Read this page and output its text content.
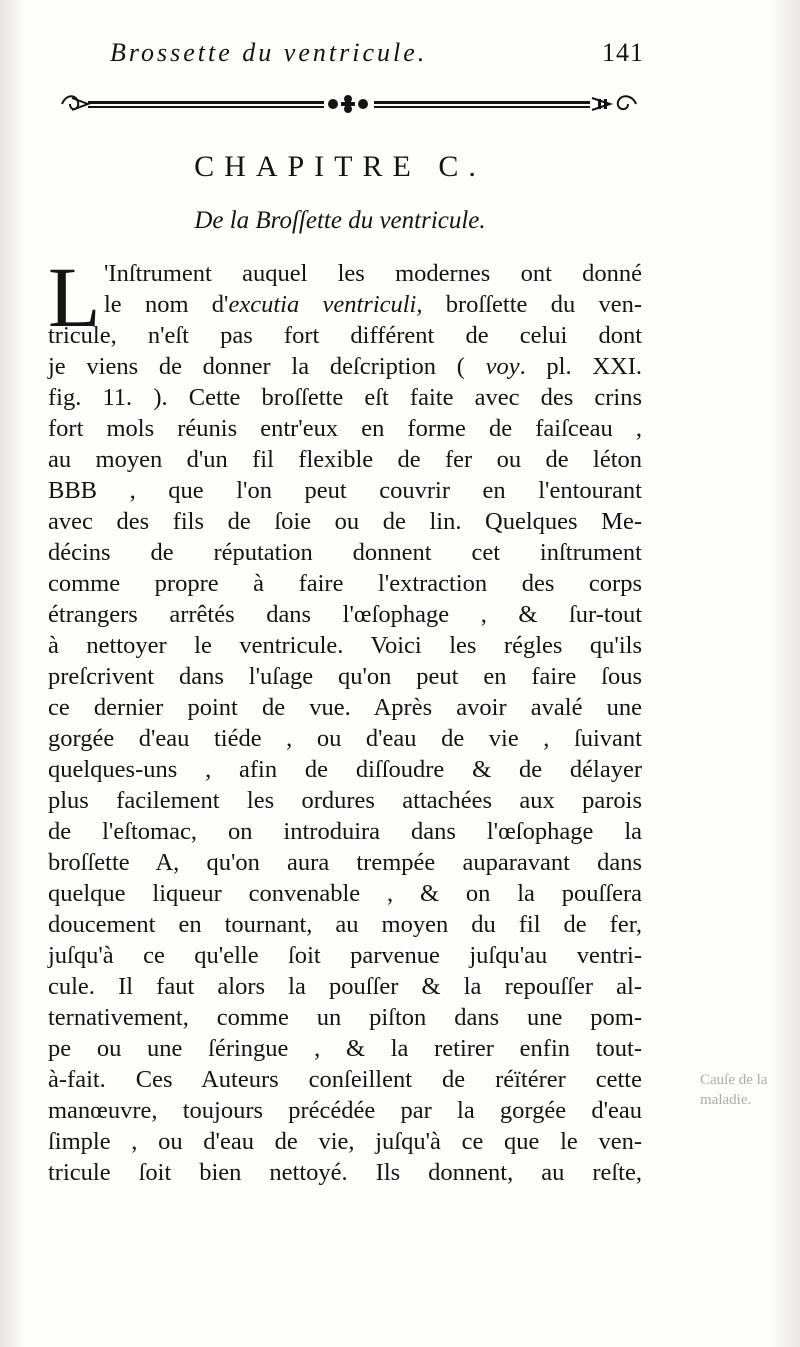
Brossette du ventricule.	141
CHAPITRE C.
De la Broſſette du ventricule.
L 'Inſtrument auquel les modernes ont donné
le nom d'excutia ventriculi, broſſette du ven-
tricule, n'eſt pas fort différent de celui dont
je viens de donner la deſcription ( voy. pl. XXI.
fig. 11. ). Cette broſſette eſt faite avec des crins
fort mols réunis entr'eux en forme de faiſceau ,
au moyen d'un fil flexible de fer ou de léton
BBB , que l'on peut couvrir en l'entourant
avec des fils de ſoie ou de lin. Quelques Me-
décins de réputation donnent cet inſtrument
comme propre à faire l'extraction des corps
étrangers arrêtés dans l'œſophage , & ſur-tout
à nettoyer le ventricule. Voici les régles qu'ils
preſcrivent dans l'uſage qu'on peut en faire ſous
ce dernier point de vue. Après avoir avalé une
gorgée d'eau tiéde , ou d'eau de vie , ſuivant
quelques-uns , afin de diſſoudre & de délayer
plus facilement les ordures attachées aux parois
de l'eſtomac, on introduira dans l'œſophage la
broſſette A, qu'on aura trempée auparavant dans
quelque liqueur convenable , & on la pouſſera
doucement en tournant, au moyen du fil de fer,
juſqu'à ce qu'elle ſoit parvenue juſqu'au ventri-
cule. Il faut alors la pouſſer & la repouſſer al-
ternativement, comme un piſton dans une pom-
pe ou une ſéringue , & la retirer enfin tout-
à-fait. Ces Auteurs conſeillent de réïtérer cette
manœuvre, toujours précédée par la gorgée d'eau
ſimple , ou d'eau de vie, juſqu'à ce que le ven-
tricule ſoit bien nettoyé. Ils donnent, au reſte,
Cauſe de la
maladie.
